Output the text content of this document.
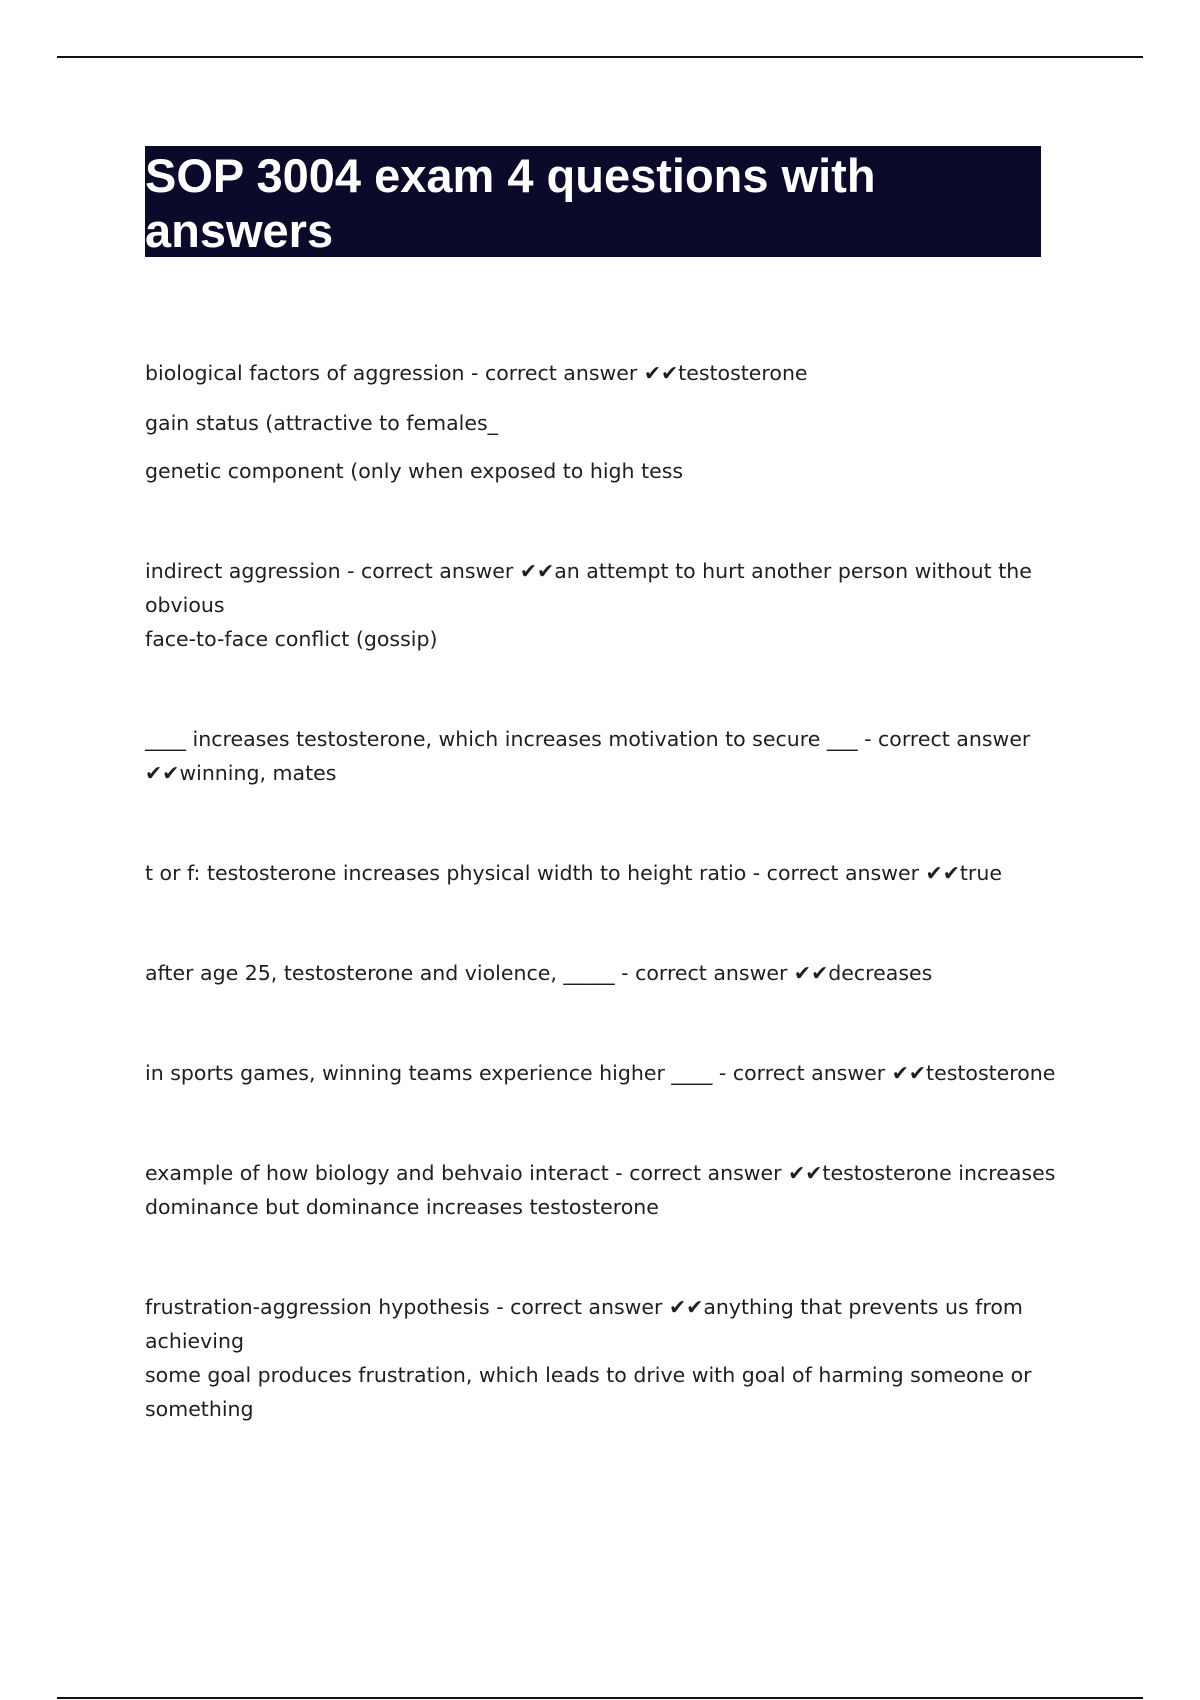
SOP 3004 exam 4 questions with answers

biological factors of aggression - correct answer ✔✔testosterone

gain status (attractive to females_

genetic component (only when exposed to high tess

indirect aggression - correct answer ✔✔an attempt to hurt another person without the obvious

face-to-face conflict (gossip)

____ increases testosterone, which increases motivation to secure ___ - correct answer

✔✔winning, mates

t or f: testosterone increases physical width to height ratio - correct answer ✔✔true

after age 25, testosterone and violence, _____ - correct answer ✔✔decreases

in sports games, winning teams experience higher ____ - correct answer ✔✔testosterone

example of how biology and behvaio interact - correct answer ✔✔testosterone increases

dominance but dominance increases testosterone

frustration-aggression hypothesis - correct answer ✔✔anything that prevents us from achieving

some goal produces frustration, which leads to drive with goal of harming someone or

something
